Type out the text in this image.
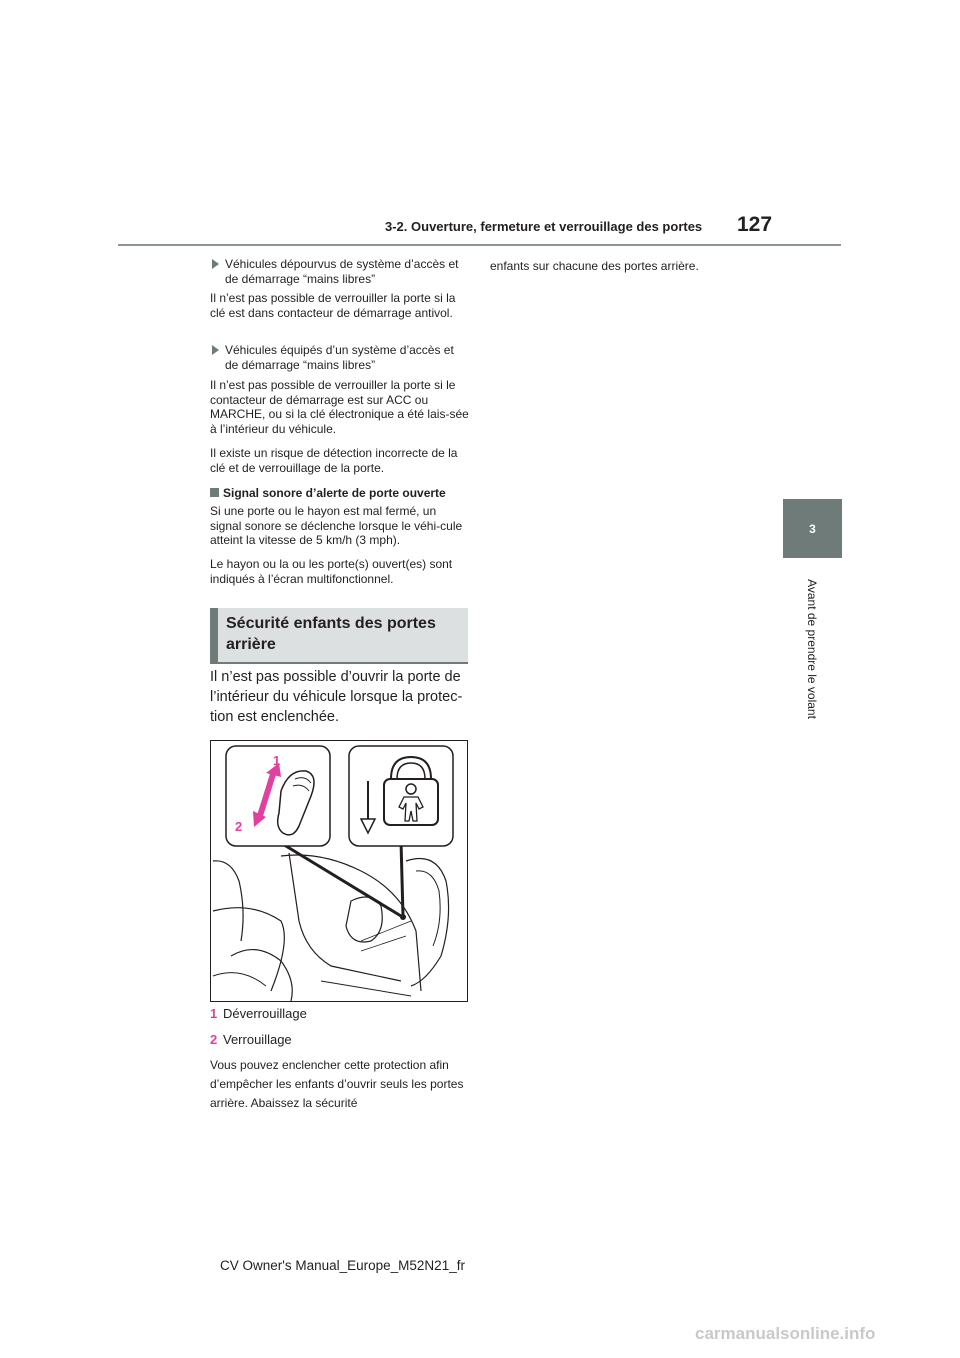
3-2. Ouverture, fermeture et verrouillage des portes 127
3
Avant de prendre le volant
Véhicules dépourvus de système d’accès et de démarrage “mains libres”
Il n’est pas possible de verrouiller la porte si la clé est dans contacteur de démarrage antivol.
Véhicules équipés d’un système d’accès et de démarrage “mains libres”
Il n’est pas possible de verrouiller la porte si le contacteur de démarrage est sur ACC ou MARCHE, ou si la clé électronique a été lais-sée à l’intérieur du véhicule.
Il existe un risque de détection incorrecte de la clé et de verrouillage de la porte.
Signal sonore d’alerte de porte ouverte
Si une porte ou le hayon est mal fermé, un signal sonore se déclenche lorsque le véhi-cule atteint la vitesse de 5 km/h (3 mph).
Le hayon ou la ou les porte(s) ouvert(es) sont indiqués à l’écran multifonctionnel.
Sécurité enfants des portes arrière
Il n’est pas possible d’ouvrir la porte de l’intérieur du véhicule lorsque la protec-tion est enclenchée.
1
2
1 Déverrouillage
2 Verrouillage
Vous pouvez enclencher cette protection afin d’empêcher les enfants d’ouvrir seuls les portes arrière. Abaissez la sécurité
enfants sur chacune des portes arrière.
CV Owner's Manual_Europe_M52N21_fr
carmanualsonline.info
